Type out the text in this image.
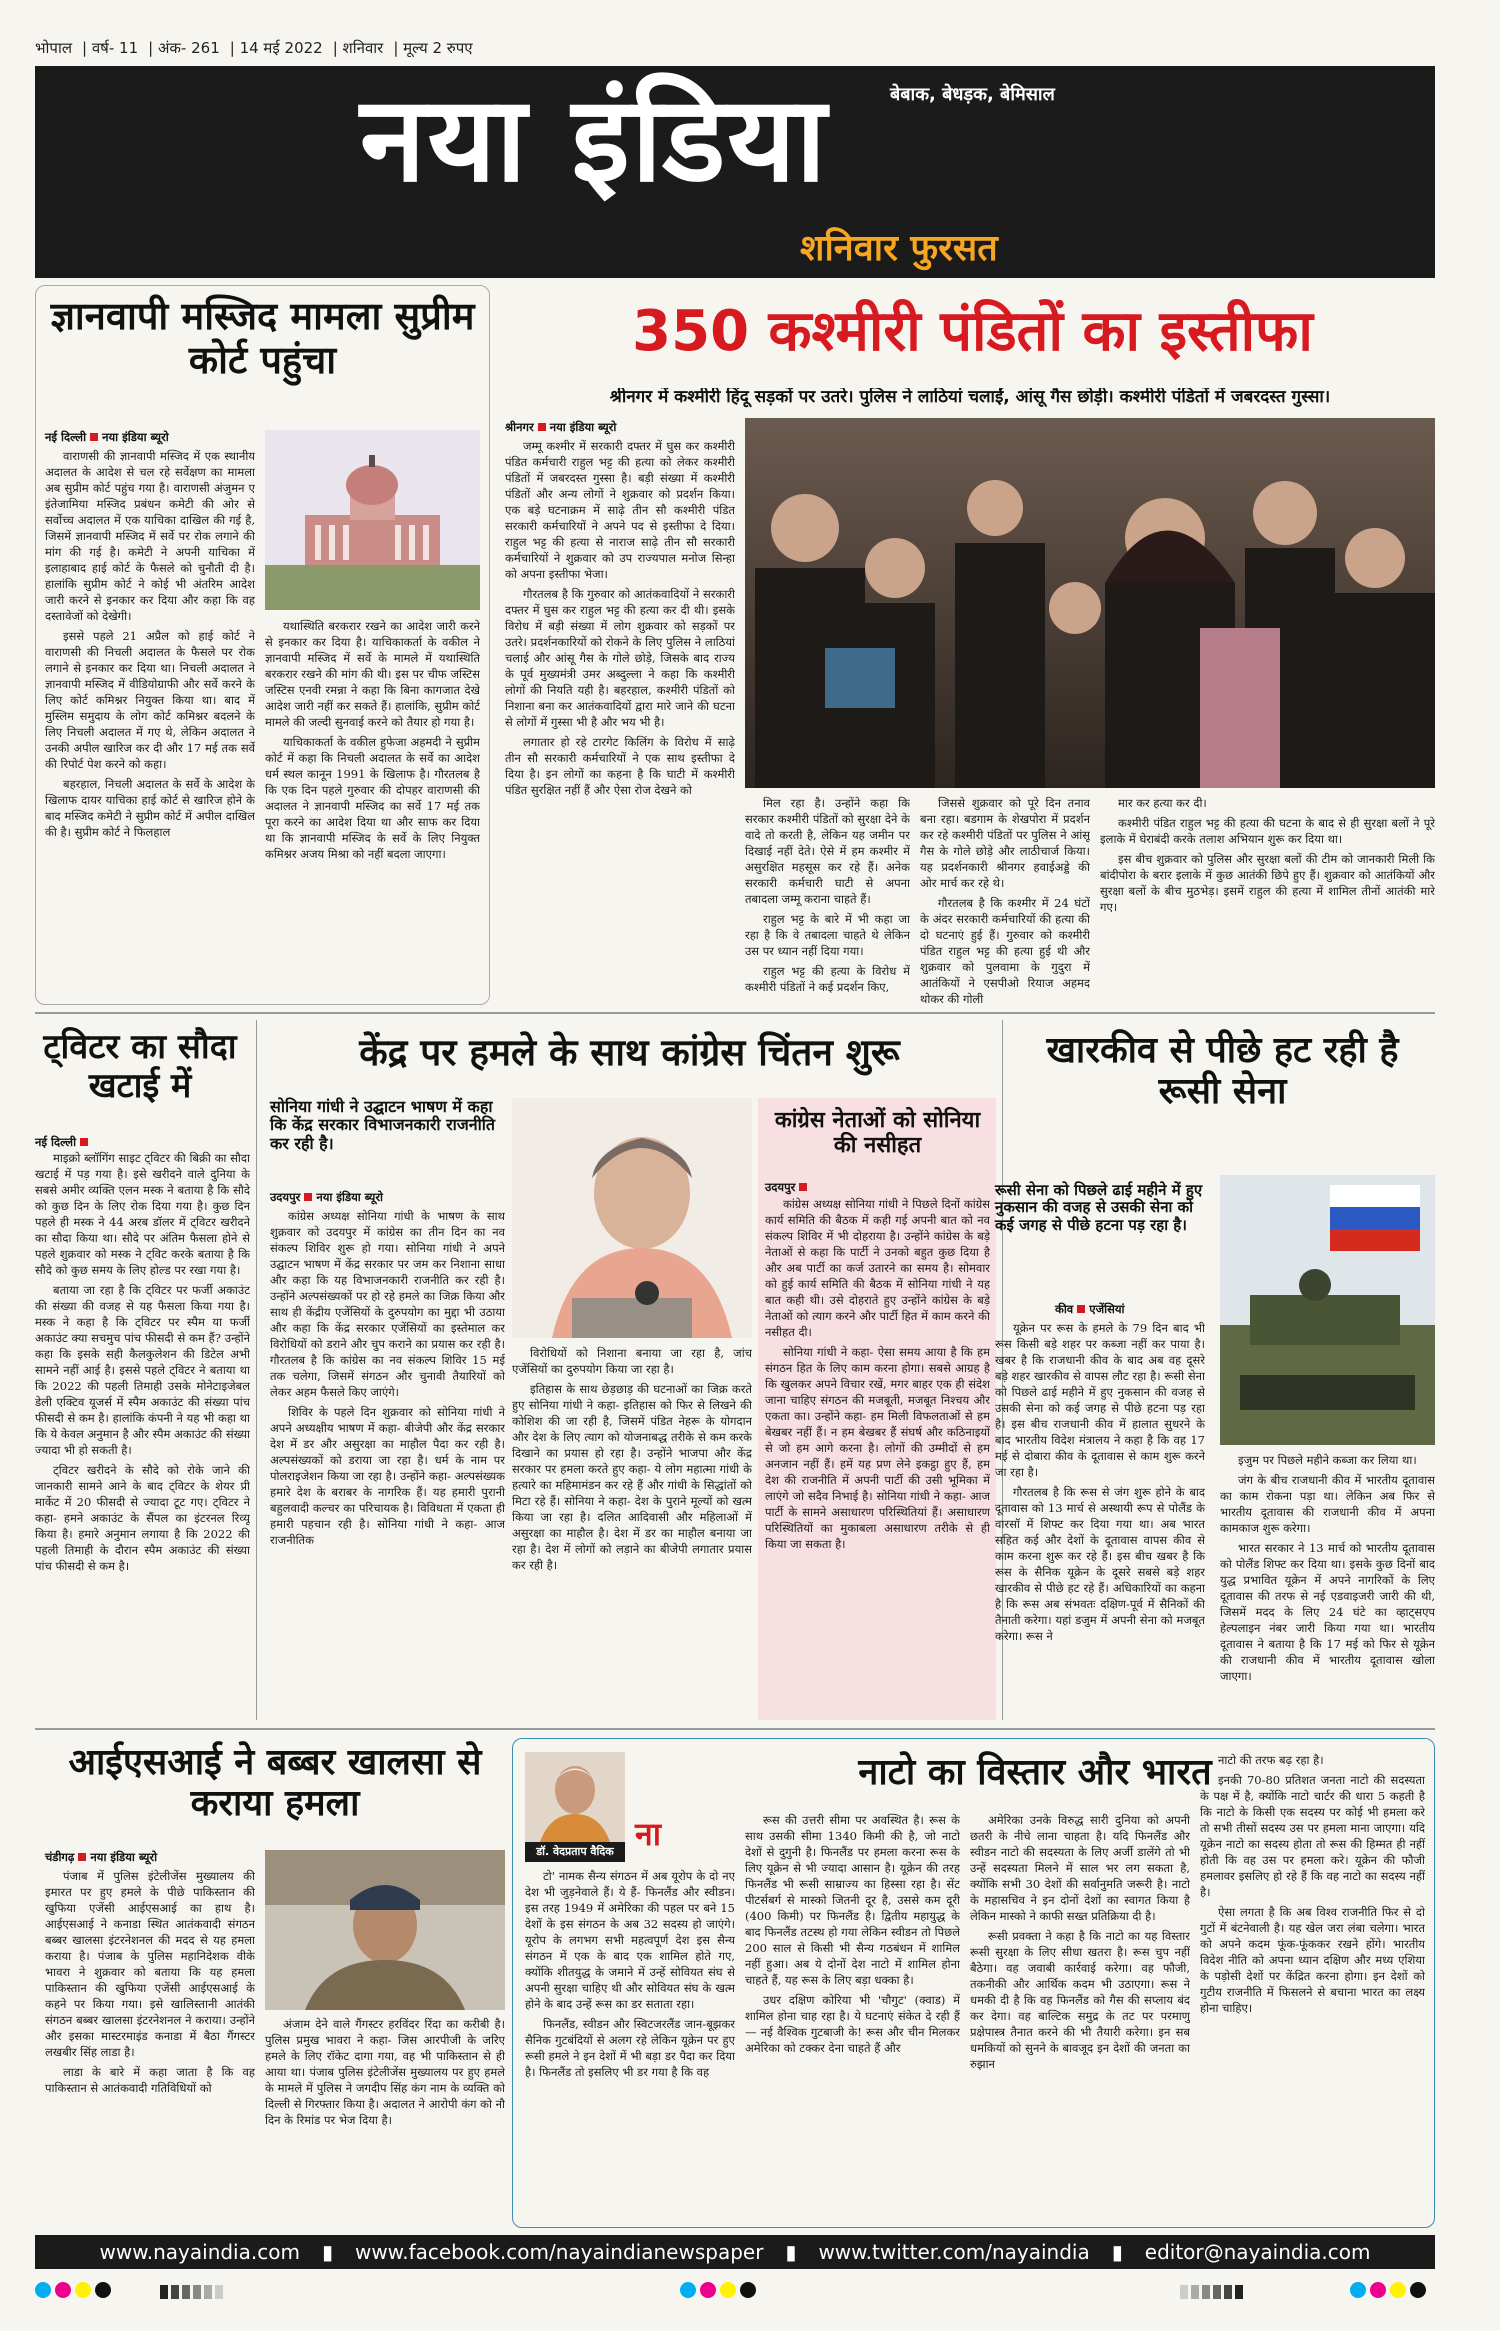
भोपाल | वर्ष- 11 | अंक- 261 | 14 मई 2022 | शनिवार | मूल्य 2 रुपए
नया इंडिया	बेबाक, बेधड़क, बेमिसाल
शनिवार फुरसत
ज्ञानवापी मस्जिद मामला सुप्रीम कोर्ट पहुंचा
नई दिल्ली नया इंडिया ब्यूरो

वाराणसी की ज्ञानवापी मस्जिद में एक स्थानीय अदालत के आदेश से चल रहे सर्वेक्षण का मामला अब सुप्रीम कोर्ट पहुंच गया है। वाराणसी अंजुमन ए इंतेजामिया मस्जिद प्रबंधन कमेटी की ओर से सर्वोच्च अदालत में एक याचिका दाखिल की गई है, जिसमें ज्ञानवापी मस्जिद में सर्वे पर रोक लगाने की मांग की गई है। कमेटी ने अपनी याचिका में इलाहाबाद हाई कोर्ट के फैसले को चुनौती दी है। हालांकि सुप्रीम कोर्ट ने कोई भी अंतरिम आदेश जारी करने से इनकार कर दिया और कहा कि वह दस्तावेजों को देखेगी।

इससे पहले 21 अप्रैल को हाई कोर्ट ने वाराणसी की निचली अदालत के फैसले पर रोक लगाने से इनकार कर दिया था। निचली अदालत ने ज्ञानवापी मस्जिद में वीडियोग्राफी और सर्वे करने के लिए कोर्ट कमिश्नर नियुक्त किया था। बाद में मुस्लिम समुदाय के लोग कोर्ट कमिश्नर बदलने के लिए निचली अदालत में गए थे, लेकिन अदालत ने उनकी अपील खारिज कर दी और 17 मई तक सर्वे की रिपोर्ट पेश करने को कहा।

बहरहाल, निचली अदालत के सर्वे के आदेश के खिलाफ दायर याचिका हाई कोर्ट से खारिज होने के बाद मस्जिद कमेटी ने सुप्रीम कोर्ट में अपील दाखिल की है। सुप्रीम कोर्ट ने फिलहाल

यथास्थिति बरकरार रखने का आदेश जारी करने से इनकार कर दिया है। याचिकाकर्ता के वकील ने ज्ञानवापी मस्जिद में सर्वे के मामले में यथास्थिति बरकरार रखने की मांग की थी। इस पर चीफ जस्टिस जस्टिस एनवी रमन्ना ने कहा कि बिना कागजात देखे आदेश जारी नहीं कर सकते हैं। हालांकि, सुप्रीम कोर्ट मामले की जल्दी सुनवाई करने को तैयार हो गया है।

याचिकाकर्ता के वकील हुफेजा अहमदी ने सुप्रीम कोर्ट में कहा कि निचली अदालत के सर्वे का आदेश धर्म स्थल कानून 1991 के खिलाफ है। गौरतलब है कि एक दिन पहले गुरुवार की दोपहर वाराणसी की अदालत ने ज्ञानवापी मस्जिद का सर्वे 17 मई तक पूरा करने का आदेश दिया था और साफ कर दिया था कि ज्ञानवापी मस्जिद के सर्वे के लिए नियुक्त कमिश्नर अजय मिश्रा को नहीं बदला जाएगा।

350 कश्मीरी पंडितों का इस्तीफा
श्रीनगर में कश्मीरी हिंदू सड़कों पर उतरे। पुलिस ने लाठियां चलाईं, आंसू गैस छोड़ी। कश्मीरी पंडितों में जबरदस्त गुस्सा।
श्रीनगर नया इंडिया ब्यूरो

जम्मू कश्मीर में सरकारी दफ्तर में घुस कर कश्मीरी पंडित कर्मचारी राहुल भट्ट की हत्या को लेकर कश्मीरी पंडितों में जबरदस्त गुस्सा है। बड़ी संख्या में कश्मीरी पंडितों और अन्य लोगों ने शुक्रवार को प्रदर्शन किया। एक बड़े घटनाक्रम में साढ़े तीन सौ कश्मीरी पंडित सरकारी कर्मचारियों ने अपने पद से इस्तीफा दे दिया। राहुल भट्ट की हत्या से नाराज साढ़े तीन सौ सरकारी कर्मचारियों ने शुक्रवार को उप राज्यपाल मनोज सिन्हा को अपना इस्तीफा भेजा।

गौरतलब है कि गुरुवार को आतंकवादियों ने सरकारी दफ्तर में घुस कर राहुल भट्ट की हत्या कर दी थी। इसके विरोध में बड़ी संख्या में लोग शुक्रवार को सड़कों पर उतरे। प्रदर्शनकारियों को रोकने के लिए पुलिस ने लाठियां चलाई और आंसू गैस के गोले छोड़े, जिसके बाद राज्य के पूर्व मुख्यमंत्री उमर अब्दुल्ला ने कहा कि कश्मीरी लोगों की नियति यही है। बहरहाल, कश्मीरी पंडितों को निशाना बना कर आतंकवादियों द्वारा मारे जाने की घटना से लोगों में गुस्सा भी है और भय भी है।

लगातार हो रहे टारगेट किलिंग के विरोध में साढ़े तीन सौ सरकारी कर्मचारियों ने एक साथ इस्तीफा दे दिया है। इन लोगों का कहना है कि घाटी में कश्मीरी पंडित सुरक्षित नहीं हैं और ऐसा रोज देखने को

मिल रहा है। उन्होंने कहा कि सरकार कश्मीरी पंडितों को सुरक्षा देने के वादे तो करती है, लेकिन यह जमीन पर दिखाई नहीं देते। ऐसे में हम कश्मीर में असुरक्षित महसूस कर रहे हैं। अनेक सरकारी कर्मचारी घाटी से अपना तबादला जम्मू कराना चाहते हैं।

राहुल भट्ट के बारे में भी कहा जा रहा है कि वे तबादला चाहते थे लेकिन उस पर ध्यान नहीं दिया गया।

राहुल भट्ट की हत्या के विरोध में कश्मीरी पंडितों ने कई प्रदर्शन किए,

जिससे शुक्रवार को पूरे दिन तनाव बना रहा। बडगाम के शेखपोरा में प्रदर्शन कर रहे कश्मीरी पंडितों पर पुलिस ने आंसू गैस के गोले छोड़े और लाठीचार्ज किया। यह प्रदर्शनकारी श्रीनगर हवाईअड्डे की ओर मार्च कर रहे थे।

गौरतलब है कि कश्मीर में 24 घंटों के अंदर सरकारी कर्मचारियों की हत्या की दो घटनाएं हुई हैं। गुरुवार को कश्मीरी पंडित राहुल भट्ट की हत्या हुई थी और शुक्रवार को पुलवामा के गुदुरा में आतंकियों ने एसपीओ रियाज अहमद थोकर की गोली

मार कर हत्या कर दी।

कश्मीरी पंडित राहुल भट्ट की हत्या की घटना के बाद से ही सुरक्षा बलों ने पूरे इलाके में घेराबंदी करके तलाश अभियान शुरू कर दिया था।

इस बीच शुक्रवार को पुलिस और सुरक्षा बलों की टीम को जानकारी मिली कि बांदीपोरा के बरार इलाके में कुछ आतंकी छिपे हुए हैं। शुक्रवार को आतंकियों और सुरक्षा बलों के बीच मुठभेड़। इसमें राहुल की हत्या में शामिल तीनों आतंकी मारे गए।

ट्विटर का सौदा खटाई में
नई दिल्ली

माइक्रो ब्लॉगिंग साइट ट्विटर की बिक्री का सौदा खटाई में पड़ गया है। इसे खरीदने वाले दुनिया के सबसे अमीर व्यक्ति एलन मस्क ने बताया है कि सौदे को कुछ दिन के लिए रोक दिया गया है। कुछ दिन पहले ही मस्क ने 44 अरब डॉलर में ट्विटर खरीदने का सौदा किया था। सौदे पर अंतिम फैसला होने से पहले शुक्रवार को मस्क ने ट्विट करके बताया है कि सौदे को कुछ समय के लिए होल्ड पर रखा गया है।

बताया जा रहा है कि ट्विटर पर फर्जी अकाउंट की संख्या की वजह से यह फैसला किया गया है। मस्क ने कहा है कि ट्विटर पर स्पैम या फर्जी अकाउंट क्या सचमुच पांच फीसदी से कम हैं? उन्होंने कहा कि इसके सही कैलकुलेशन की डिटेल अभी सामने नहीं आई है। इससे पहले ट्विटर ने बताया था कि 2022 की पहली तिमाही उसके मोनेटाइजेबल डेली एक्टिव यूजर्स में स्पैम अकाउंट की संख्या पांच फीसदी से कम है। हालांकि कंपनी ने यह भी कहा था कि ये केवल अनुमान है और स्पैम अकाउंट की संख्या ज्यादा भी हो सकती है।

ट्विटर खरीदने के सौदे को रोके जाने की जानकारी सामने आने के बाद ट्विटर के शेयर प्री मार्केट में 20 फीसदी से ज्यादा टूट गए। ट्विटर ने कहा- हमने अकाउंट के सैंपल का इंटरनल रिव्यू किया है। हमारे अनुमान लगाया है कि 2022 की पहली तिमाही के दौरान स्पैम अकाउंट की संख्या पांच फीसदी से कम है।

केंद्र पर हमले के साथ कांग्रेस चिंतन शुरू
सोनिया गांधी ने उद्घाटन भाषण में कहा कि केंद्र सरकार विभाजनकारी राजनीति कर रही है।
उदयपुर नया इंडिया ब्यूरो

कांग्रेस अध्यक्ष सोनिया गांधी के भाषण के साथ शुक्रवार को उदयपुर में कांग्रेस का तीन दिन का नव संकल्प शिविर शुरू हो गया। सोनिया गांधी ने अपने उद्घाटन भाषण में केंद्र सरकार पर जम कर निशाना साधा और कहा कि यह विभाजनकारी राजनीति कर रही है। उन्होंने अल्पसंख्यकों पर हो रहे हमले का जिक्र किया और साथ ही केंद्रीय एजेंसियों के दुरुपयोग का मुद्दा भी उठाया और कहा कि केंद्र सरकार एजेंसियों का इस्तेमाल कर विरोधियों को डराने और चुप कराने का प्रयास कर रही है। गौरतलब है कि कांग्रेस का नव संकल्प शिविर 15 मई तक चलेगा, जिसमें संगठन और चुनावी तैयारियों को लेकर अहम फैसले किए जाएंगे।

शिविर के पहले दिन शुक्रवार को सोनिया गांधी ने अपने अध्यक्षीय भाषण में कहा- बीजेपी और केंद्र सरकार देश में डर और असुरक्षा का माहौल पैदा कर रही है। अल्पसंख्यकों को डराया जा रहा है। धर्म के नाम पर पोलराइजेशन किया जा रहा है। उन्होंने कहा- अल्पसंख्यक हमारे देश के बराबर के नागरिक हैं। यह हमारी पुरानी बहुलवादी कल्चर का परिचायक है। विविधता में एकता ही हमारी पहचान रही है। सोनिया गांधी ने कहा- आज राजनीतिक

विरोधियों को निशाना बनाया जा रहा है, जांच एजेंसियों का दुरुपयोग किया जा रहा है।

इतिहास के साथ छेड़छाड़ की घटनाओं का जिक्र करते हुए सोनिया गांधी ने कहा- इतिहास को फिर से लिखने की कोशिश की जा रही है, जिसमें पंडित नेहरू के योगदान और देश के लिए त्याग को योजनाबद्ध तरीके से कम करके दिखाने का प्रयास हो रहा है। उन्होंने भाजपा और केंद्र सरकार पर हमला करते हुए कहा- ये लोग महात्मा गांधी के हत्यारे का महिमामंडन कर रहे हैं और गांधी के सिद्धांतों को मिटा रहे हैं। सोनिया ने कहा- देश के पुराने मूल्यों को खत्म किया जा रहा है। दलित आदिवासी और महिलाओं में असुरक्षा का माहौल है। देश में डर का माहौल बनाया जा रहा है। देश में लोगों को लड़ाने का बीजेपी लगातार प्रयास कर रही है।

कांग्रेस नेताओं को सोनिया की नसीहत
उदयपुर

कांग्रेस अध्यक्ष सोनिया गांधी ने पिछले दिनों कांग्रेस कार्य समिति की बैठक में कही गई अपनी बात को नव संकल्प शिविर में भी दोहराया है। उन्होंने कांग्रेस के बड़े नेताओं से कहा कि पार्टी ने उनको बहुत कुछ दिया है और अब पार्टी का कर्ज उतारने का समय है। सोमवार को हुई कार्य समिति की बैठक में सोनिया गांधी ने यह बात कही थी। उसे दोहराते हुए उन्होंने कांग्रेस के बड़े नेताओं को त्याग करने और पार्टी हित में काम करने की नसीहत दी।

सोनिया गांधी ने कहा- ऐसा समय आया है कि हम संगठन हित के लिए काम करना होगा। सबसे आग्रह है कि खुलकर अपने विचार रखें, मगर बाहर एक ही संदेश जाना चाहिए संगठन की मजबूती, मजबूत निश्चय और एकता का। उन्होंने कहा- हम मिली विफलताओं से हम बेखबर नहीं हैं। न हम बेखबर हैं संघर्ष और कठिनाइयों से जो हम आगे करना है। लोगों की उम्मीदों से हम अनजान नहीं हैं। हमें यह प्रण लेने इकट्ठा हुए हैं, हम देश की राजनीति में अपनी पार्टी की उसी भूमिका में लाएंगे जो सदैव निभाई है। सोनिया गांधी ने कहा- आज पार्टी के सामने असाधारण परिस्थितियां हैं। असाधारण परिस्थितियों का मुकाबला असाधारण तरीके से ही किया जा सकता है।

खारकीव से पीछे हट रही है रूसी सेना
रूसी सेना को पिछले ढाई महीने में हुए नुकसान की वजह से उसकी सेना को कई जगह से पीछे हटना पड़ रहा है।
कीव एजेंसियां

यूक्रेन पर रूस के हमले के 79 दिन बाद भी रूस किसी बड़े शहर पर कब्जा नहीं कर पाया है। खबर है कि राजधानी कीव के बाद अब वह दूसरे बड़े शहर खारकीव से वापस लौट रहा है। रूसी सेना को पिछले ढाई महीने में हुए नुकसान की वजह से उसकी सेना को कई जगह से पीछे हटना पड़ रहा है। इस बीच राजधानी कीव में हालात सुधरने के बाद भारतीय विदेश मंत्रालय ने कहा है कि वह 17 मई से दोबारा कीव के दूतावास से काम शुरू करने जा रहा है।

गौरतलब है कि रूस से जंग शुरू होने के बाद दूतावास को 13 मार्च से अस्थायी रूप से पोलैंड के वारसॉ में शिफ्ट कर दिया गया था। अब भारत सहित कई और देशों के दूतावास वापस कीव से काम करना शुरू कर रहे हैं। इस बीच खबर है कि रूस के सैनिक यूक्रेन के दूसरे सबसे बड़े शहर खारकीव से पीछे हट रहे हैं। अधिकारियों का कहना है कि रूस अब संभवतः दक्षिण-पूर्व में सैनिकों की तैनाती करेगा। यहां डजुम में अपनी सेना को मजबूत करेगा। रूस ने

इजुम पर पिछले महीने कब्जा कर लिया था।

जंग के बीच राजधानी कीव में भारतीय दूतावास का काम रोकना पड़ा था। लेकिन अब फिर से भारतीय दूतावास की राजधानी कीव में अपना कामकाज शुरू करेगा।

भारत सरकार ने 13 मार्च को भारतीय दूतावास को पोलैंड शिफ्ट कर दिया था। इसके कुछ दिनों बाद युद्ध प्रभावित यूक्रेन में अपने नागरिकों के लिए दूतावास की तरफ से नई एडवाइजरी जारी की थी, जिसमें मदद के लिए 24 घंटे का व्हाट्सएप हेल्पलाइन नंबर जारी किया गया था। भारतीय दूतावास ने बताया है कि 17 मई को फिर से यूक्रेन की राजधानी कीव में भारतीय दूतावास खोला जाएगा।

आईएसआई ने बब्बर खालसा से कराया हमला
चंडीगढ़ नया इंडिया ब्यूरो

पंजाब में पुलिस इंटेलीजेंस मुख्यालय की इमारत पर हुए हमले के पीछे पाकिस्तान की खुफिया एजेंसी आईएसआई का हाथ है। आईएसआई ने कनाडा स्थित आतंकवादी संगठन बब्बर खालसा इंटरनेशनल की मदद से यह हमला कराया है। पंजाब के पुलिस महानिदेशक वीके भावरा ने शुक्रवार को बताया कि यह हमला पाकिस्तान की खुफिया एजेंसी आईएसआई के कहने पर किया गया। इसे खालिस्तानी आतंकी संगठन बब्बर खालसा इंटरनेशनल ने कराया। उन्होंने और इसका मास्टरमाइंड कनाडा में बैठा गैंगस्टर लखबीर सिंह लाडा है।

लाडा के बारे में कहा जाता है कि वह पाकिस्तान से आतंकवादी गतिविधियों को

अंजाम देने वाले गैंगस्टर हरविंदर रिंदा का करीबी है। पुलिस प्रमुख भावरा ने कहा- जिस आरपीजी के जरिए हमले के लिए रॉकेट दागा गया, वह भी पाकिस्तान से ही आया था। पंजाब पुलिस इंटेलीजेंस मुख्यालय पर हुए हमले के मामले में पुलिस ने जगदीप सिंह कंग नाम के व्यक्ति को दिल्ली से गिरफ्तार किया है। अदालत ने आरोपी कंग को नौ दिन के रिमांड पर भेज दिया है।

डॉ. वेदप्रताप वैदिक
नाटो का विस्तार और भारत
ना

टो' नामक सैन्य संगठन में अब यूरोप के दो नए देश भी जुड़नेवाले हैं। ये हैं- फिनलैंड और स्वीडन। इस तरह 1949 में अमेरिका की पहल पर बने 15 देशों के इस संगठन के अब 32 सदस्य हो जाएंगे। यूरोप के लगभग सभी महत्वपूर्ण देश इस सैन्य संगठन में एक के बाद एक शामिल होते गए, क्योंकि शीतयुद्ध के जमाने में उन्हें सोवियत संघ से अपनी सुरक्षा चाहिए थी और सोवियत संघ के खत्म होने के बाद उन्हें रूस का डर सताता रहा।

फिनलैंड, स्वीडन और स्विटजरलैंड जान-बूझकर सैनिक गुटबंदियों से अलग रहे लेकिन यूक्रेन पर हुए रूसी हमले ने इन देशों में भी बड़ा डर पैदा कर दिया है। फिनलैंड तो इसलिए भी डर गया है कि वह

रूस की उत्तरी सीमा पर अवस्थित है। रूस के साथ उसकी सीमा 1340 किमी की है, जो नाटो देशों से दुगुनी है। फिनलैंड पर हमला करना रूस के लिए यूक्रेन से भी ज्यादा आसान है। यूक्रेन की तरह फिनलैंड भी रूसी साम्राज्य का हिस्सा रहा है। सेंट पीटर्सबर्ग से मास्को जितनी दूर है, उससे कम दूरी (400 किमी) पर फिनलैंड है। द्वितीय महायुद्ध के बाद फिनलैंड तटस्थ हो गया लेकिन स्वीडन तो पिछले 200 साल से किसी भी सैन्य गठबंधन में शामिल नहीं हुआ। अब ये दोनों देश नाटो में शामिल होना चाहते हैं, यह रूस के लिए बड़ा धक्का है।

उधर दक्षिण कोरिया भी 'चौगुट' (क्वाड) में शामिल होना चाह रहा है। ये घटनाएं संकेत दे रही हैं— नई वैश्विक गुटबाजी के! रूस और चीन मिलकर अमेरिका को टक्कर देना चाहते हैं और

अमेरिका उनके विरुद्ध सारी दुनिया को अपनी छतरी के नीचे लाना चाहता है। यदि फिनलैंड और स्वीडन नाटो की सदस्यता के लिए अर्जी डालेंगे तो भी उन्हें सदस्यता मिलने में साल भर लग सकता है, क्योंकि सभी 30 देशों की सर्वानुमति जरूरी है। नाटो के महासचिव ने इन दोनों देशों का स्वागत किया है लेकिन मास्को ने काफी सख्त प्रतिक्रिया दी है।

रूसी प्रवक्ता ने कहा है कि नाटो का यह विस्तार रूसी सुरक्षा के लिए सीधा खतरा है। रूस चुप नहीं बैठेगा। वह जवाबी कार्रवाई करेगा। वह फौजी, तकनीकी और आर्थिक कदम भी उठाएगा। रूस ने धमकी दी है कि वह फिनलैंड को गैस की सप्लाय बंद कर देगा। वह बाल्टिक समुद्र के तट पर परमाणु प्रक्षेपास्त्र तैनात करने की भी तैयारी करेगा। इन सब धमकियों को सुनने के बावजूद इन देशों की जनता का रुझान

नाटो की तरफ बढ़ रहा है।

इनकी 70-80 प्रतिशत जनता नाटो की सदस्यता के पक्ष में है, क्योंकि नाटो चार्टर की धारा 5 कहती है कि नाटो के किसी एक सदस्य पर कोई भी हमला करे तो सभी तीसों सदस्य उस पर हमला माना जाएगा। यदि यूक्रेन नाटो का सदस्य होता तो रूस की हिम्मत ही नहीं होती कि वह उस पर हमला करे। यूक्रेन की फौजी हमलावर इसलिए हो रहे हैं कि वह नाटो का सदस्य नहीं है।

ऐसा लगता है कि अब विश्व राजनीति फिर से दो गुटों में बंटनेवाली है। यह खेल जरा लंबा चलेगा। भारत को अपने कदम फूंक-फूंककर रखने होंगे। भारतीय विदेश नीति को अपना ध्यान दक्षिण और मध्य एशिया के पड़ोसी देशों पर केंद्रित करना होगा। इन देशों को गुटीय राजनीति में फिसलने से बचाना भारत का लक्ष्य होना चाहिए।

www.nayaindia.com ▮ www.facebook.com/nayaindianewspaper ▮ www.twitter.com/nayaindia ▮ editor@nayaindia.com
